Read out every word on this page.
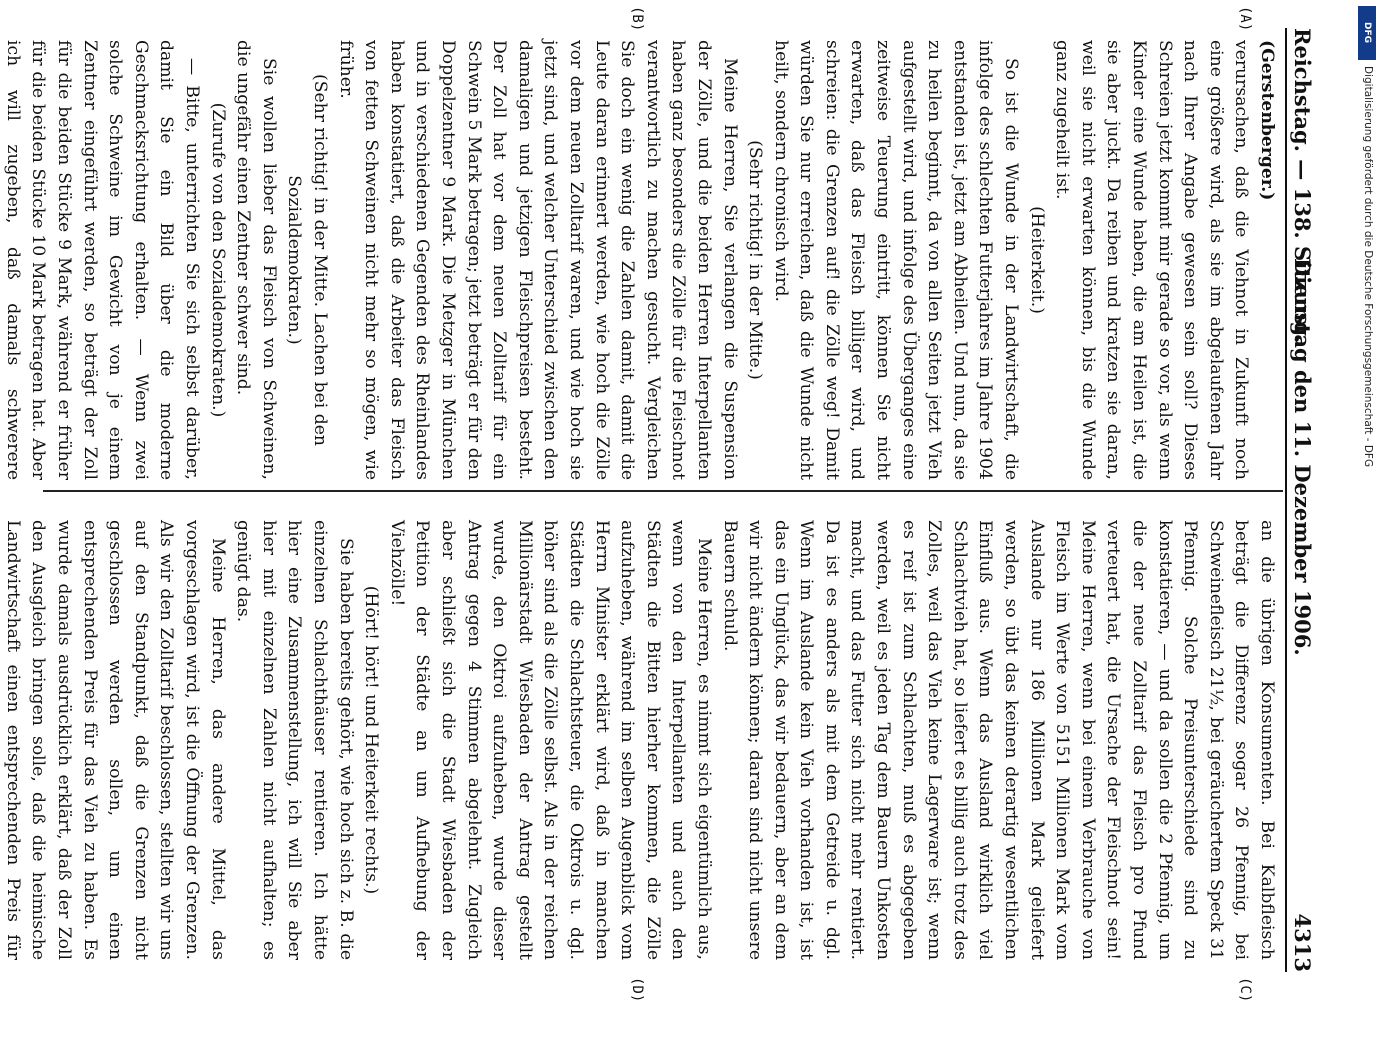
Reichstag. — 138. Sitzung.
Dienstag den 11. Dezember 1906.
4313
(A)
(B)
(C)
(D)

(Gerstenberger.)

verursachen, daß die Viehnot in Zukunft noch eine größere wird, als sie im abgelaufenen Jahr nach Ihrer Angabe gewesen sein soll? Dieses Schreien jetzt kommt mir gerade so vor, als wenn Kinder eine Wunde haben, die am Heilen ist, die sie aber juckt. Da reiben und kratzen sie daran, weil sie nicht erwarten können, bis die Wunde ganz zugeheilt ist.

(Heiterkeit.)

So ist die Wunde in der Landwirtschaft, die infolge des schlechten Futterjahres im Jahre 1904 entstanden ist, jetzt am Abheilen. Und nun, da sie zu heilen beginnt, da von allen Seiten jetzt Vieh aufgestellt wird, und infolge des Überganges eine zeitweise Teuerung eintritt, können Sie nicht erwarten, daß das Fleisch billiger wird, und schreien: die Grenzen auf! die Zölle weg! Damit würden Sie nur erreichen, daß die Wunde nicht heilt, sondern chronisch wird.

(Sehr richtig! in der Mitte.)

Meine Herren, Sie verlangen die Suspension der Zölle, und die beiden Herren Interpellanten haben ganz besonders die Zölle für die Fleischnot verantwortlich zu machen gesucht. Vergleichen Sie doch ein wenig die Zahlen damit, damit die Leute daran erinnert werden, wie hoch die Zölle vor dem neuen Zolltarif waren, und wie hoch sie jetzt sind, und welcher Unterschied zwischen den damaligen und jetzigen Fleischpreisen besteht. Der Zoll hat vor dem neuen Zolltarif für ein Schwein 5 Mark betragen; jetzt beträgt er für den Doppelzentner 9 Mark. Die Metzger in München und in verschiedenen Gegenden des Rheinlandes haben konstatiert, daß die Arbeiter das Fleisch von fetten Schweinen nicht mehr so mögen, wie früher.

(Sehr richtig! in der Mitte. Lachen bei den Sozialdemokraten.)

Sie wollen lieber das Fleisch von Schweinen, die ungefähr einen Zentner schwer sind.

(Zurufe von den Sozialdemokraten.)

— Bitte, unterrichten Sie sich selbst darüber, damit Sie ein Bild über die moderne Geschmacksrichtung erhalten. — Wenn zwei solche Schweine im Gewicht von je einem Zentner eingeführt werden, so beträgt der Zoll für die beiden Stücke 9 Mark, während er früher für die beiden Stücke 10 Mark betragen hat. Aber ich will zugeben, daß damals schwerere

an die übrigen Konsumenten. Bei Kalbfleisch beträgt die Differenz sogar 26 Pfennig, bei Schweinefleisch 21½, bei geräuchertem Speck 31 Pfennig. Solche Preisunterschiede sind zu konstatieren, — und da sollen die 2 Pfennig, um die der neue Zolltarif das Fleisch pro Pfund verteuert hat, die Ursache der Fleischnot sein! Meine Herren, wenn bei einem Verbrauche von Fleisch im Werte von 5151 Millionen Mark vom Auslande nur 186 Millionen Mark geliefert werden, so übt das keinen derartig wesentlichen Einfluß aus. Wenn das Ausland wirklich viel Schlachtvieh hat, so liefert es billig auch trotz des Zolles, weil das Vieh keine Lagerware ist; wenn es reif ist zum Schlachten, muß es abgegeben werden, weil es jeden Tag dem Bauern Unkosten macht, und das Futter sich nicht mehr rentiert. Da ist es anders als mit dem Getreide u. dgl. Wenn im Auslande kein Vieh vorhanden ist, ist das ein Unglück, das wir bedauern, aber an dem wir nicht ändern können; daran sind nicht unsere Bauern schuld.

Meine Herren, es nimmt sich eigentümlich aus, wenn von den Interpellanten und auch den Städten die Bitten hierher kommen, die Zölle aufzuheben, während im selben Augenblick vom Herrn Minister erklärt wird, daß in manchen Städten die Schlachtsteuer, die Oktrois u. dgl. höher sind als die Zölle selbst. Als in der reichen Millionärstadt Wiesbaden der Antrag gestellt wurde, den Oktroi aufzuheben, wurde dieser Antrag gegen 4 Stimmen abgelehnt. Zugleich aber schließt sich die Stadt Wiesbaden der Petition der Städte an um Aufhebung der Viehzölle!

(Hört! hört! und Heiterkeit rechts.)

Sie haben bereits gehört, wie hoch sich z. B. die einzelnen Schlachthäuser rentieren. Ich hätte hier eine Zusammenstellung, ich will Sie aber hier mit einzelnen Zahlen nicht aufhalten; es genügt das.

Meine Herren, das andere Mittel, das vorgeschlagen wird, ist die Öffnung der Grenzen. Als wir den Zolltarif beschlossen, stellten wir uns auf den Standpunkt, daß die Grenzen nicht geschlossen werden sollen, um einen entsprechenden Preis für das Vieh zu haben. Es wurde damals ausdrücklich erklärt, daß der Zoll den Ausgleich bringen solle, daß die heimische Landwirtschaft einen entsprechenden Preis für

DFG
Digitalisierung gefördert durch die Deutsche Forschungsgemeinschaft - DFG
